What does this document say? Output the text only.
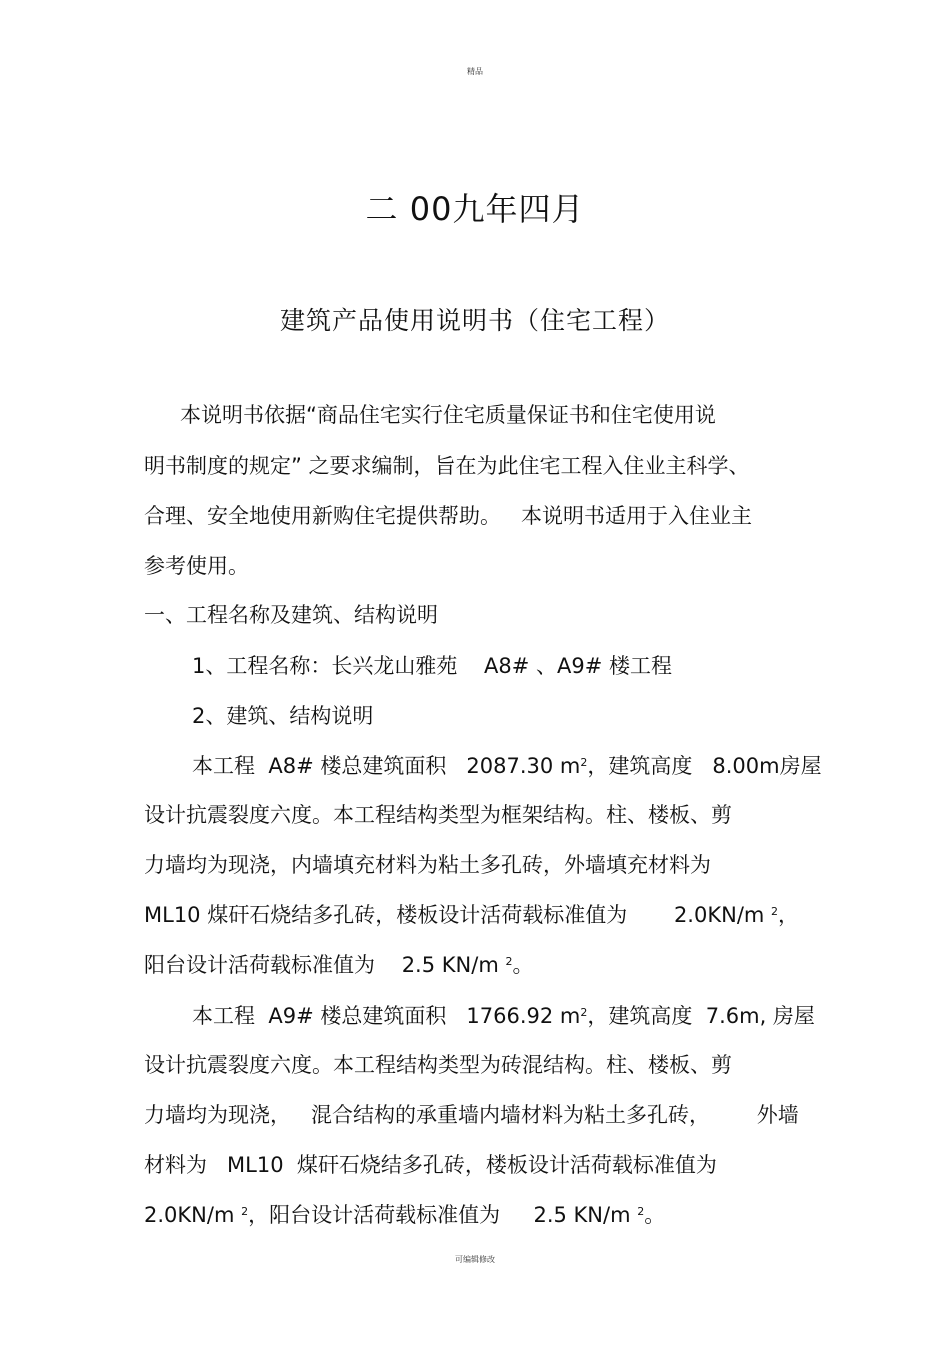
精品
二 00九年四月
建筑产品使用说明书（住宅工程）
本说明书依据“商品住宅实行住宅质量保证书和住宅使用说
明书制度的规定” 之要求编制，旨在为此住宅工程入住业主科学、
合理、安全地使用新购住宅提供帮助。   本说明书适用于入住业主
参考使用。
一、工程名称及建筑、结构说明
1、工程名称：长兴龙山雅苑    A8# 、A9# 楼工程
2、建筑、结构说明
本工程  A8# 楼总建筑面积   2087.30 $m^2$，建筑高度   8.00m房屋
设计抗震裂度六度。本工程结构类型为框架结构。柱、楼板、剪
力墙均为现浇，内墙填充材料为粘土多孔砖，外墙填充材料为
ML10 煤矸石烧结多孔砖，楼板设计活荷载标准值为       2.0KN/m $^2$，
阳台设计活荷载标准值为    2.5 KN/m $^2$。
本工程  A9# 楼总建筑面积   1766.92 $m^2$，建筑高度  7.6m, 房屋
设计抗震裂度六度。本工程结构类型为砖混结构。柱、楼板、剪
力墙均为现浇，   混合结构的承重墙内墙材料为粘土多孔砖，       外墙
材料为   ML10  煤矸石烧结多孔砖，楼板设计活荷载标准值为
2.0KN/m $^2$，阳台设计活荷载标准值为     2.5 KN/m $^2$。
可编辑修改
